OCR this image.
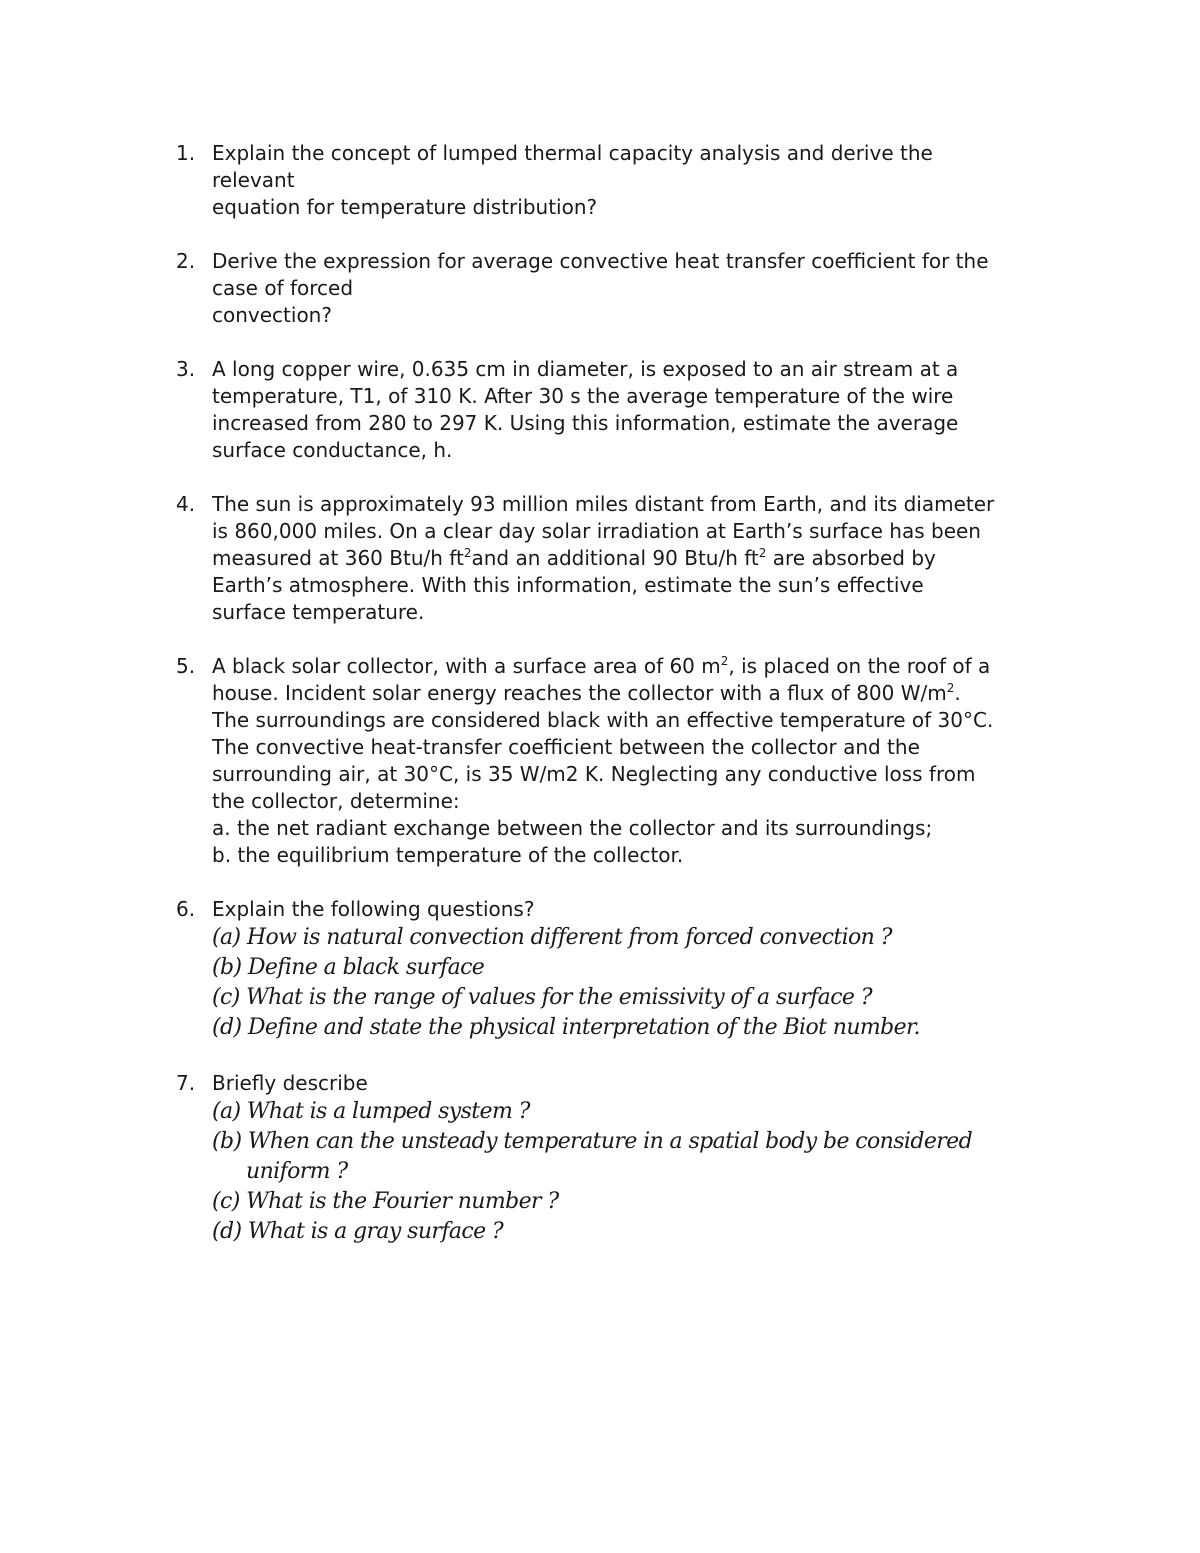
1. Explain the concept of lumped thermal capacity analysis and derive the
relevant
equation for temperature distribution?
2. Derive the expression for average convective heat transfer coefficient for the
case of forced
convection?
3. A long copper wire, 0.635 cm in diameter, is exposed to an air stream at a
temperature, T1, of 310 K. After 30 s the average temperature of the wire
increased from 280 to 297 K. Using this information, estimate the average
surface conductance, h.
4. The sun is approximately 93 million miles distant from Earth, and its diameter
is 860,000 miles. On a clear day solar irradiation at Earth’s surface has been
measured at 360 Btu/h $ft^2and$ an additional 90 Btu/h $ft^2$ are absorbed by
Earth’s atmosphere. With this information, estimate the sun’s effective
surface temperature.
5. A black solar collector, with a surface area of 60 $m^2$, is placed on the roof of a
house. Incident solar energy reaches the collector with a flux of 800 $W/m^2$.
The surroundings are considered black with an effective temperature of 30°C.
The convective heat-transfer coefficient between the collector and the
surrounding air, at 30°C, is 35 W/m2 K. Neglecting any conductive loss from
the collector, determine:
a. the net radiant exchange between the collector and its surroundings;
b. the equilibrium temperature of the collector.
6. Explain the following questions?
(a) How is natural convection different from forced convection ?
(b) Define a black surface
(c) What is the range of values for the emissivity of a surface ?
(d) Define and state the physical interpretation of the Biot number.
7. Briefly describe
(a) What is a lumped system ?
(b) When can the unsteady temperature in a spatial body be considered
uniform ?
(c) What is the Fourier number ?
(d) What is a gray surface ?
